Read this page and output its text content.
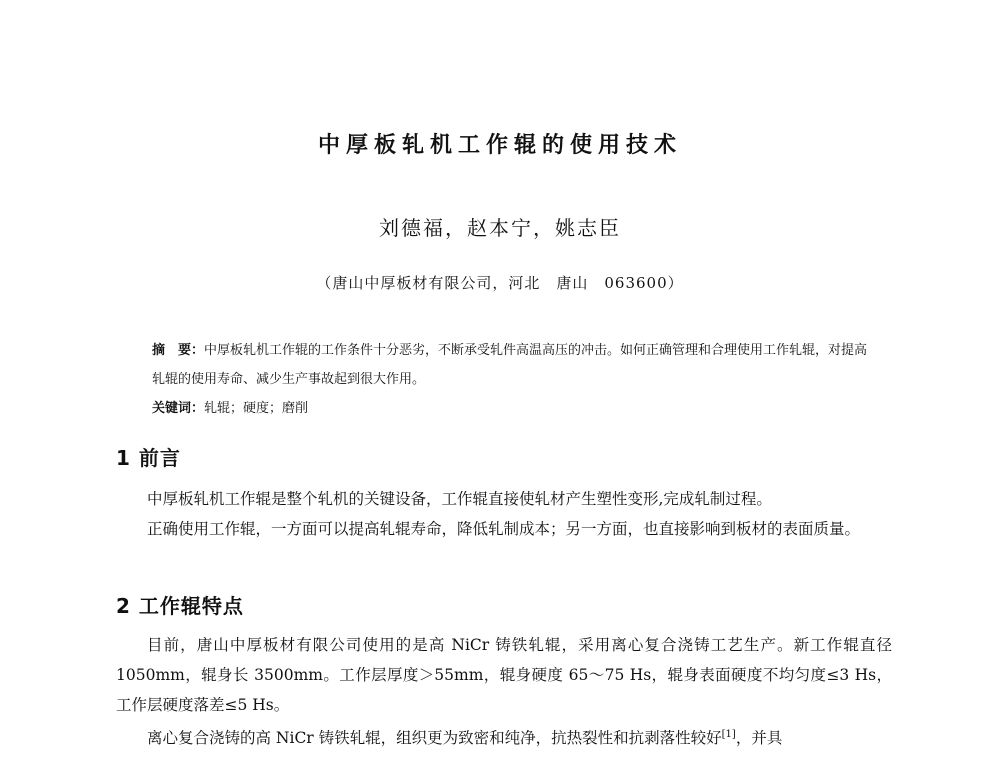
中厚板轧机工作辊的使用技术
刘德福，赵本宁，姚志臣
（唐山中厚板材有限公司，河北　唐山　063600）

摘　要：中厚板轧机工作辊的工作条件十分恶劣，不断承受轧件高温高压的冲击。如何正确管理和合理使用工作轧辊，对提高轧辊的使用寿命、减少生产事故起到很大作用。

关键词：轧辊；硬度；磨削
1 前言

中厚板轧机工作辊是整个轧机的关键设备，工作辊直接使轧材产生塑性变形,完成轧制过程。

正确使用工作辊，一方面可以提高轧辊寿命，降低轧制成本；另一方面，也直接影响到板材的表面质量。

2 工作辊特点

目前，唐山中厚板材有限公司使用的是高 NiCr 铸铁轧辊，采用离心复合浇铸工艺生产。新工作辊直径 1050mm，辊身长 3500mm。工作层厚度＞55mm，辊身硬度 65～75 Hs，辊身表面硬度不均匀度≤3 Hs，工作层硬度落差≤5 Hs。

离心复合浇铸的高 NiCr 铸铁轧辊，组织更为致密和纯净，抗热裂性和抗剥落性较好[1]，并具
